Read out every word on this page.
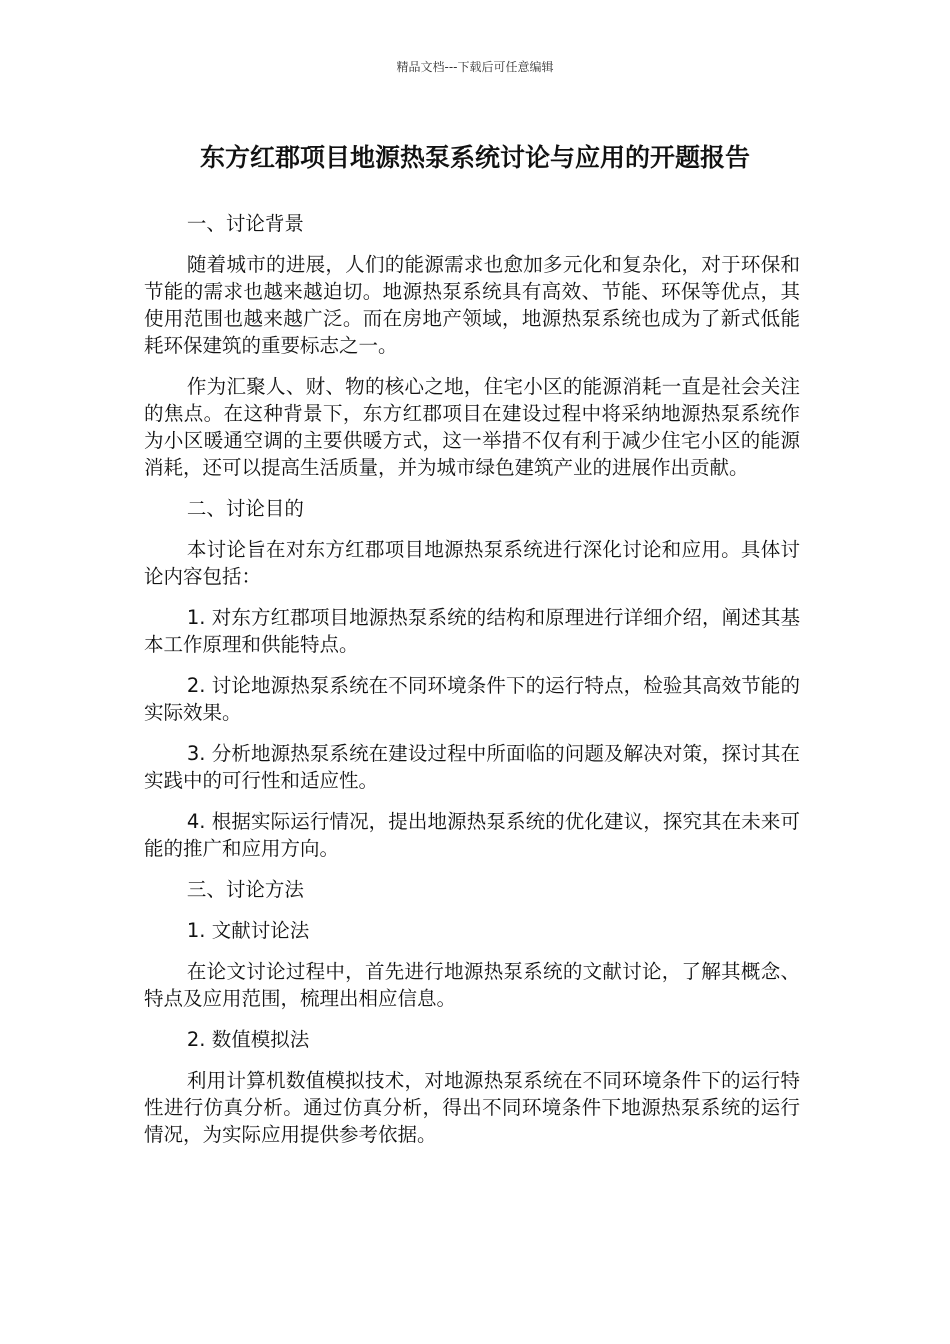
精品文档---下载后可任意编辑
东方红郡项目地源热泵系统讨论与应用的开题报告

一、讨论背景

随着城市的进展，人们的能源需求也愈加多元化和复杂化，对于环保和节能的需求也越来越迫切。地源热泵系统具有高效、节能、环保等优点，其使用范围也越来越广泛。而在房地产领域，地源热泵系统也成为了新式低能耗环保建筑的重要标志之一。

作为汇聚人、财、物的核心之地，住宅小区的能源消耗一直是社会关注的焦点。在这种背景下，东方红郡项目在建设过程中将采纳地源热泵系统作为小区暖通空调的主要供暖方式，这一举措不仅有利于减少住宅小区的能源消耗，还可以提高生活质量，并为城市绿色建筑产业的进展作出贡献。

二、讨论目的

本讨论旨在对东方红郡项目地源热泵系统进行深化讨论和应用。具体讨论内容包括：

1. 对东方红郡项目地源热泵系统的结构和原理进行详细介绍，阐述其基本工作原理和供能特点。

2. 讨论地源热泵系统在不同环境条件下的运行特点，检验其高效节能的实际效果。

3. 分析地源热泵系统在建设过程中所面临的问题及解决对策，探讨其在实践中的可行性和适应性。

4. 根据实际运行情况，提出地源热泵系统的优化建议，探究其在未来可能的推广和应用方向。

三、讨论方法

1. 文献讨论法

在论文讨论过程中，首先进行地源热泵系统的文献讨论，了解其概念、特点及应用范围，梳理出相应信息。

2. 数值模拟法

利用计算机数值模拟技术，对地源热泵系统在不同环境条件下的运行特性进行仿真分析。通过仿真分析，得出不同环境条件下地源热泵系统的运行情况，为实际应用提供参考依据。
